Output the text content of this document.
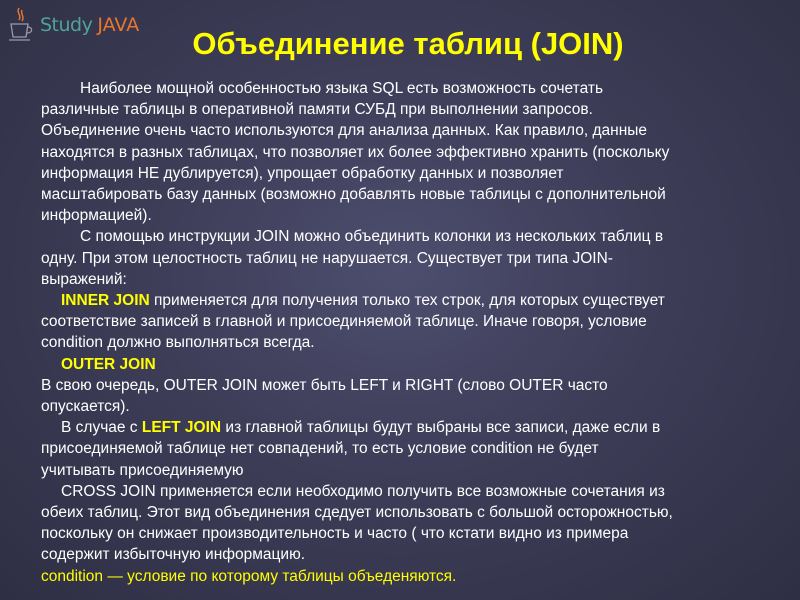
Study JAVA
Объединение таблиц (JOIN)
Наиболее мощной особенностью языка SQL есть возможность сочетать
различные таблицы в оперативной памяти СУБД при выполнении запросов.
Объединение очень часто используются для анализа данных. Как правило, данные
находятся в разных таблицах, что позволяет их более эффективно хранить (поскольку
информация НЕ дублируется), упрощает обработку данных и позволяет
масштабировать базу данных (возможно добавлять новые таблицы с дополнительной
информацией).
С помощью инструкции JOIN можно объединить колонки из нескольких таблиц в
одну. При этом целостность таблиц не нарушается. Существует три типа JOIN-
выражений:
INNER JOIN применяется для получения только тех строк, для которых существует
соответствие записей в главной и присоединяемой таблице. Иначе говоря, условие
condition должно выполняться всегда.
OUTER JOIN
В свою очередь, OUTER JOIN может быть LEFT и RIGHT (слово OUTER часто
опускается).
В случае с LEFT JOIN из главной таблицы будут выбраны все записи, даже если в
присоединяемой таблице нет совпадений, то есть условие condition не будет
учитывать присоединяемую
CROSS JOIN применяется если необходимо получить все возможные сочетания из
обеих таблиц. Этот вид объединения сдедует использовать с большой осторожностью,
поскольку он снижает производительность и часто ( что кстати видно из примера
содержит избыточную информацию.
condition — условие по которому таблицы объеденяются.
